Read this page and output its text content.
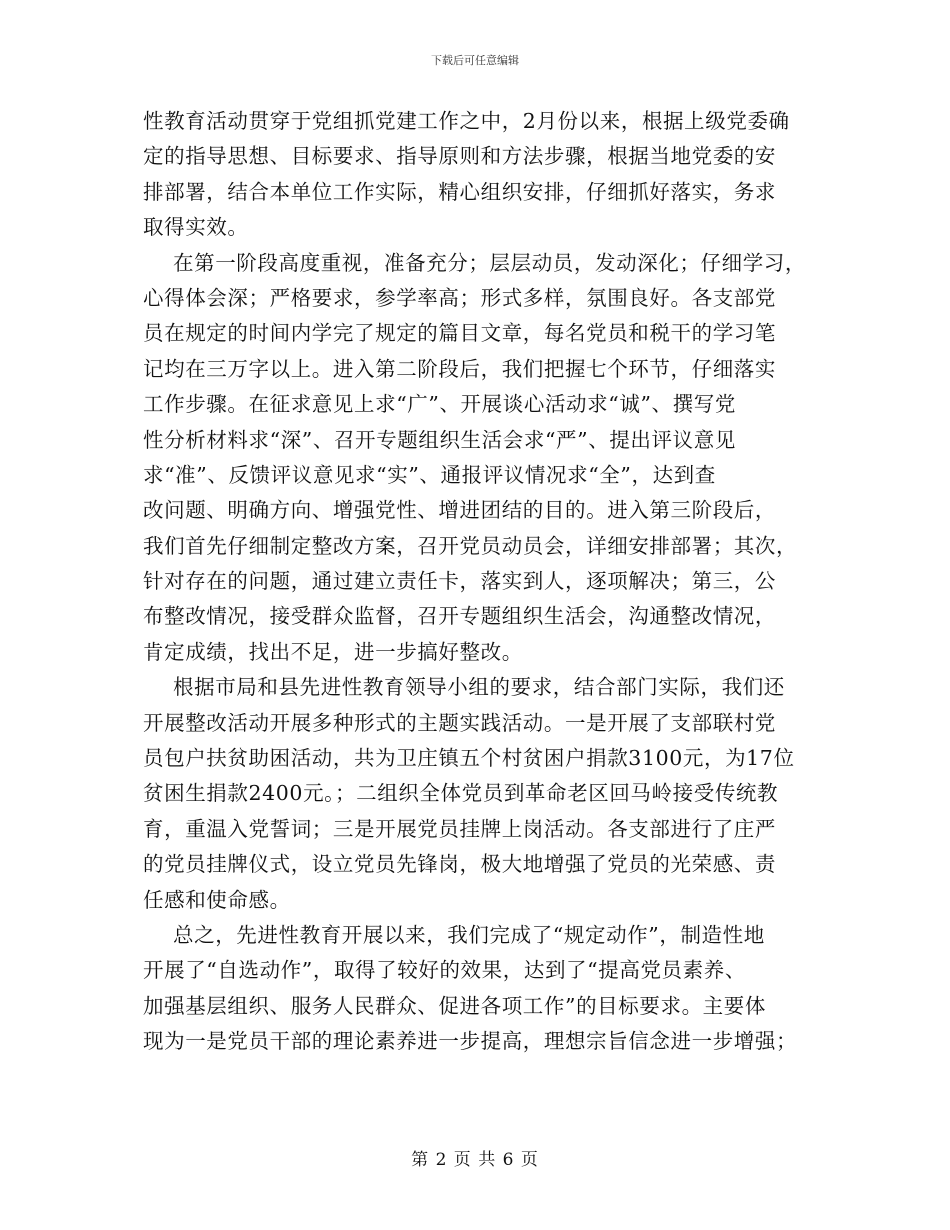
下载后可任意编辑
性教育活动贯穿于党组抓党建工作之中，2月份以来，根据上级党委确
定的指导思想、目标要求、指导原则和方法步骤，根据当地党委的安
排部署，结合本单位工作实际，精心组织安排，仔细抓好落实，务求
取得实效。
在第一阶段高度重视，准备充分；层层动员，发动深化；仔细学习，
心得体会深；严格要求，参学率高；形式多样，氛围良好。各支部党
员在规定的时间内学完了规定的篇目文章，每名党员和税干的学习笔
记均在三万字以上。进入第二阶段后，我们把握七个环节，仔细落实
工作步骤。在征求意见上求“广”、开展谈心活动求“诚”、撰写党
性分析材料求“深”、召开专题组织生活会求“严”、提出评议意见
求“准”、反馈评议意见求“实”、通报评议情况求“全”，达到查
改问题、明确方向、增强党性、增进团结的目的。进入第三阶段后，
我们首先仔细制定整改方案，召开党员动员会，详细安排部署；其次，
针对存在的问题，通过建立责任卡，落实到人，逐项解决；第三，公
布整改情况，接受群众监督，召开专题组织生活会，沟通整改情况，
肯定成绩，找出不足，进一步搞好整改。
根据市局和县先进性教育领导小组的要求，结合部门实际，我们还
开展整改活动开展多种形式的主题实践活动。一是开展了支部联村党
员包户扶贫助困活动，共为卫庄镇五个村贫困户捐款3100元，为17位
贫困生捐款2400元。；二组织全体党员到革命老区回马岭接受传统教
育，重温入党誓词；三是开展党员挂牌上岗活动。各支部进行了庄严
的党员挂牌仪式，设立党员先锋岗，极大地增强了党员的光荣感、责
任感和使命感。
总之，先进性教育开展以来，我们完成了“规定动作”，制造性地
开展了“自选动作”，取得了较好的效果，达到了“提高党员素养、
加强基层组织、服务人民群众、促进各项工作”的目标要求。主要体
现为一是党员干部的理论素养进一步提高，理想宗旨信念进一步增强；
第 2 页 共 6 页
